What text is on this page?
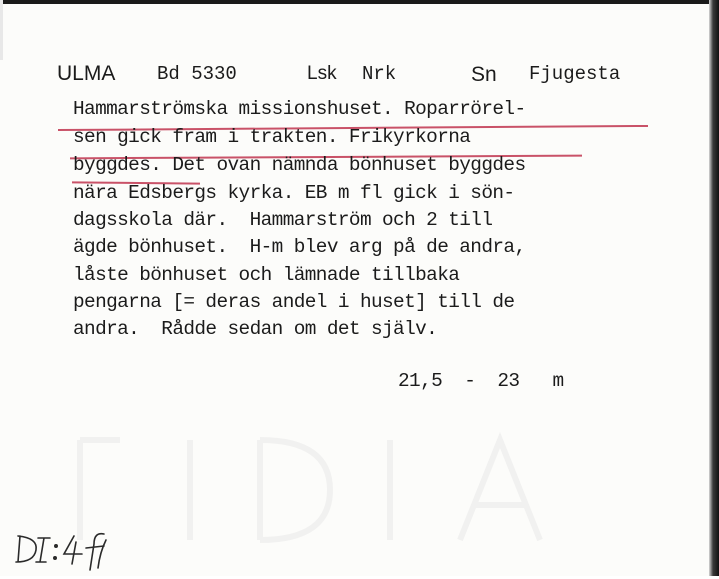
ULMA Bd 5330	Lsk Nrk	Sn Fjugesta
Hammarströmska missionshuset. Roparrörel-
sen gick fram i trakten. Frikyrkorna
byggdes. Det ovan nämnda bönhuset byggdes
nära Edsbergs kyrka. EB m fl gick i sön-
dagsskola där.  Hammarström och 2 till
ägde bönhuset.  H-m blev arg på de andra,
låste bönhuset och lämnade tillbaka
pengarna [= deras andel i huset] till de
andra.  Rådde sedan om det själv.
21,5  -  23   m
